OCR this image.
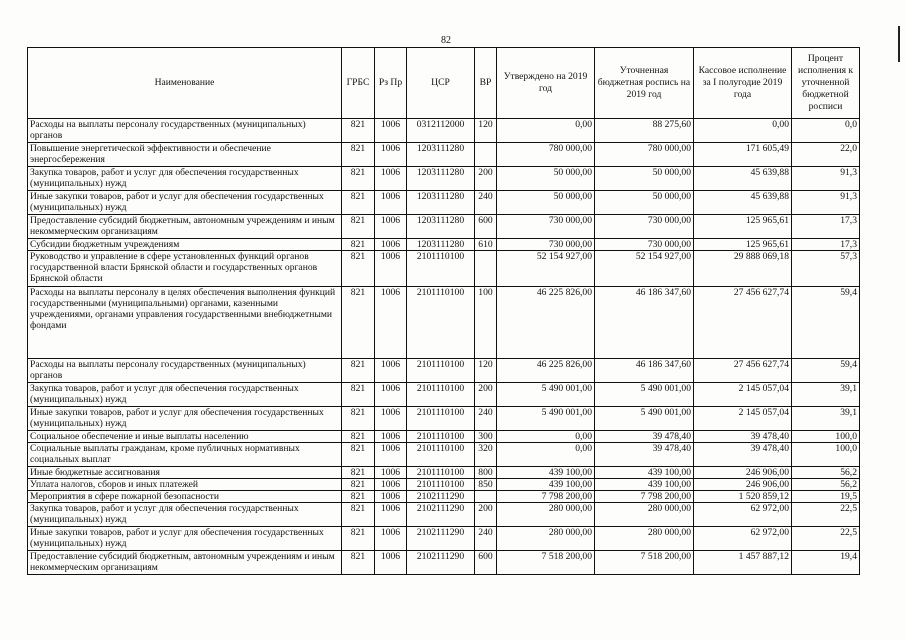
82
Наименование	ГРБС	Рз Пр	ЦСР	ВР	Утверждено на 2019 год	Уточненная бюджетная роспись на 2019 год	Кассовое исполнение за I полугодие 2019 года	Процент исполнения к уточненной бюджетной росписи
Расходы на выплаты персоналу государственных (муниципальных) органов	821	1006	0312112000	120	0,00	88 275,60	0,00	0,0
Повышение энергетической эффективности и обеспечение энергосбережения	821	1006	1203111280		780 000,00	780 000,00	171 605,49	22,0
Закупка товаров, работ и услуг для обеспечения государственных (муниципальных) нужд	821	1006	1203111280	200	50 000,00	50 000,00	45 639,88	91,3
Иные закупки товаров, работ и услуг для обеспечения государственных (муниципальных) нужд	821	1006	1203111280	240	50 000,00	50 000,00	45 639,88	91,3
Предоставление субсидий бюджетным, автономным учреждениям и иным некоммерческим организациям	821	1006	1203111280	600	730 000,00	730 000,00	125 965,61	17,3
Субсидии бюджетным учреждениям	821	1006	1203111280	610	730 000,00	730 000,00	125 965,61	17,3
Руководство и управление в сфере установленных функций органов государственной власти Брянской области и государственных органов Брянской области	821	1006	2101110100		52 154 927,00	52 154 927,00	29 888 069,18	57,3
Расходы на выплаты персоналу в целях обеспечения выполнения функций государственными (муниципальными) органами, казенными учреждениями, органами управления государственными внебюджетными фондами	821	1006	2101110100	100	46 225 826,00	46 186 347,60	27 456 627,74	59,4
Расходы на выплаты персоналу государственных (муниципальных) органов	821	1006	2101110100	120	46 225 826,00	46 186 347,60	27 456 627,74	59,4
Закупка товаров, работ и услуг для обеспечения государственных (муниципальных) нужд	821	1006	2101110100	200	5 490 001,00	5 490 001,00	2 145 057,04	39,1
Иные закупки товаров, работ и услуг для обеспечения государственных (муниципальных) нужд	821	1006	2101110100	240	5 490 001,00	5 490 001,00	2 145 057,04	39,1
Социальное обеспечение и иные выплаты населению	821	1006	2101110100	300	0,00	39 478,40	39 478,40	100,0
Социальные выплаты гражданам, кроме публичных нормативных социальных выплат	821	1006	2101110100	320	0,00	39 478,40	39 478,40	100,0
Иные бюджетные ассигнования	821	1006	2101110100	800	439 100,00	439 100,00	246 906,00	56,2
Уплата налогов, сборов и иных платежей	821	1006	2101110100	850	439 100,00	439 100,00	246 906,00	56,2
Мероприятия в сфере пожарной безопасности	821	1006	2102111290		7 798 200,00	7 798 200,00	1 520 859,12	19,5
Закупка товаров, работ и услуг для обеспечения государственных (муниципальных) нужд	821	1006	2102111290	200	280 000,00	280 000,00	62 972,00	22,5
Иные закупки товаров, работ и услуг для обеспечения государственных (муниципальных) нужд	821	1006	2102111290	240	280 000,00	280 000,00	62 972,00	22,5
Предоставление субсидий бюджетным, автономным учреждениям и иным некоммерческим организациям	821	1006	2102111290	600	7 518 200,00	7 518 200,00	1 457 887,12	19,4
